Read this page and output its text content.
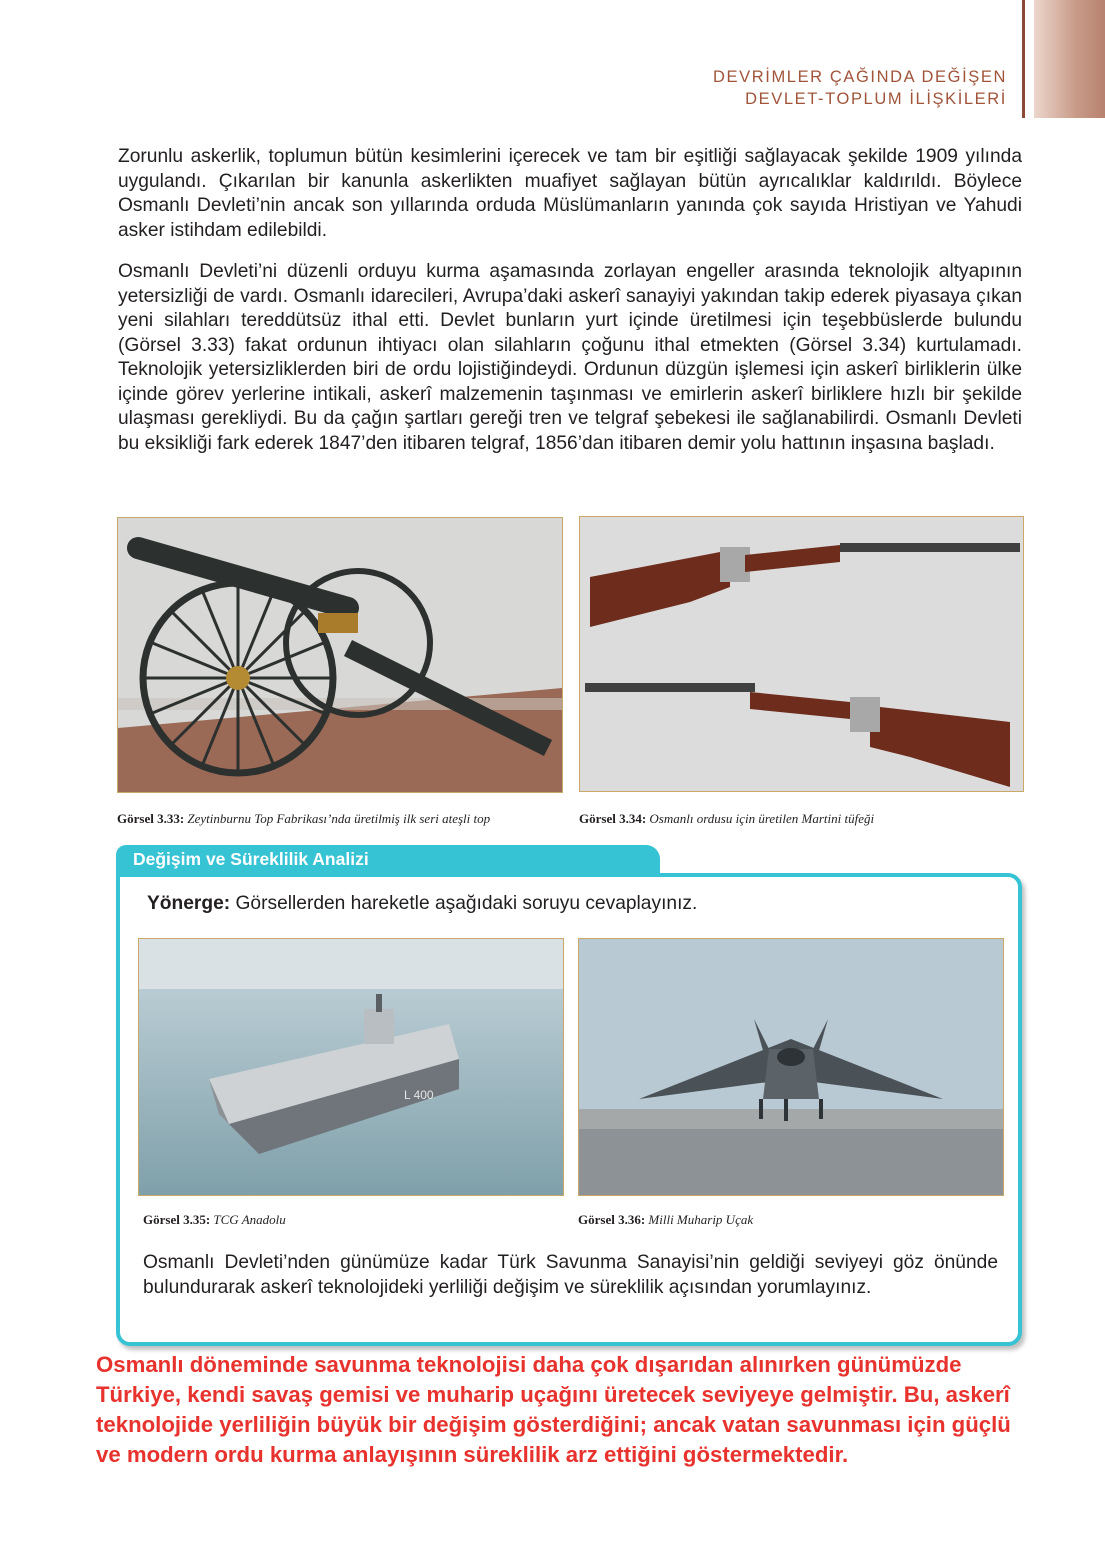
DEVRİMLER ÇAĞINDA DEĞİŞEN
DEVLET-TOPLUM İLİŞKİLERİ

Zorunlu askerlik, toplumun bütün kesimlerini içerecek ve tam bir eşitliği sağlayacak şekilde 1909 yılında uygulandı. Çıkarılan bir kanunla askerlikten muafiyet sağlayan bütün ayrıcalıklar kaldırıldı. Böylece Osmanlı Devleti’nin ancak son yıllarında orduda Müslümanların yanında çok sayıda Hristiyan ve Yahudi asker istihdam edilebildi.

Osmanlı Devleti’ni düzenli orduyu kurma aşamasında zorlayan engeller arasında teknolojik altyapının yetersizliği de vardı. Osmanlı idarecileri, Avrupa’daki askerî sanayiyi yakından takip ederek piyasaya çıkan yeni silahları tereddütsüz ithal etti. Devlet bunların yurt içinde üretilmesi için teşebbüslerde bulundu (Görsel 3.33) fakat ordunun ihtiyacı olan silahların çoğunu ithal etmekten (Görsel 3.34) kurtulamadı. Teknolojik yetersizliklerden biri de ordu lojistiğindeydi. Ordunun düzgün işlemesi için askerî birliklerin ülke içinde görev yerlerine intikali, askerî malzemenin taşınması ve emirlerin askerî birliklere hızlı bir şekilde ulaşması gerekliydi. Bu da çağın şartları gereği tren ve telgraf şebekesi ile sağlanabilirdi. Osmanlı Devleti bu eksikliği fark ederek 1847’den itibaren telgraf, 1856’dan itibaren demir yolu hattının inşasına başladı.

Görsel 3.33: Zeytinburnu Top Fabrikası’nda üretilmiş ilk seri ateşli top	Görsel 3.34: Osmanlı ordusu için üretilen Martini tüfeği
Değişim ve Süreklilik Analizi
Yönerge: Görsellerden hareketle aşağıdaki soruyu cevaplayınız.
L 400
Görsel 3.35: TCG Anadolu	Görsel 3.36: Milli Muharip Uçak

Osmanlı Devleti’nden günümüze kadar Türk Savunma Sanayisi’nin geldiği seviyeyi göz önünde bulundurarak askerî teknolojideki yerliliği değişim ve süreklilik açısından yorumlayınız.

Osmanlı döneminde savunma teknolojisi daha çok dışarıdan alınırken günümüzde Türkiye, kendi savaş gemisi ve muharip uçağını üretecek seviyeye gelmiştir. Bu, askerî teknolojide yerliliğin büyük bir değişim gösterdiğini; ancak vatan savunması için güçlü ve modern ordu kurma anlayışının süreklilik arz ettiğini göstermektedir.
